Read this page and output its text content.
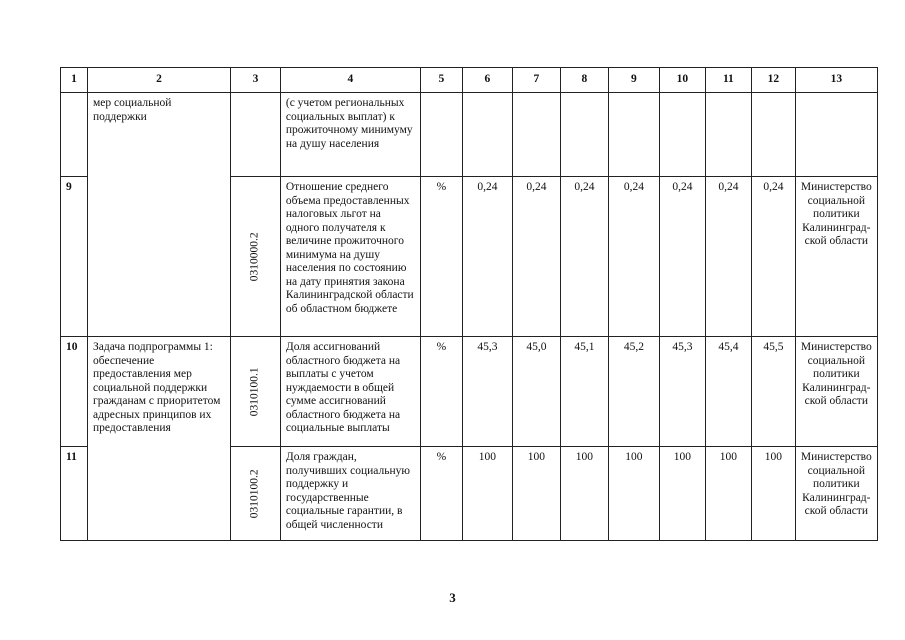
1	2	3	4	5	6	7	8	9	10	11	12	13
	мер социальной поддержки		(с учетом региональных социальных выплат) к прожиточному минимуму на душу населения									
9		0310000.2	Отношение среднего объема предоставленных налоговых льгот на одного получателя к величине прожиточного минимума на душу населения по состоянию на дату принятия закона Калининградской области об областном бюджете	%	0,24	0,24	0,24	0,24	0,24	0,24	0,24	Министерство социальной политики Калининград-ской области
10	Задача подпрограммы 1: обеспечение предоставления мер социальной поддержки гражданам с приоритетом адресных принципов их предоставления	0310100.1	Доля ассигнований областного бюджета на выплаты с учетом нуждаемости в общей сумме ассигнований областного бюджета на социальные выплаты	%	45,3	45,0	45,1	45,2	45,3	45,4	45,5	Министерство социальной политики Калининград-ской области
11		0310100.2	Доля граждан, получивших социальную поддержку и государственные социальные гарантии, в общей численности	%	100	100	100	100	100	100	100	Министерство социальной политики Калининград-ской области
3
